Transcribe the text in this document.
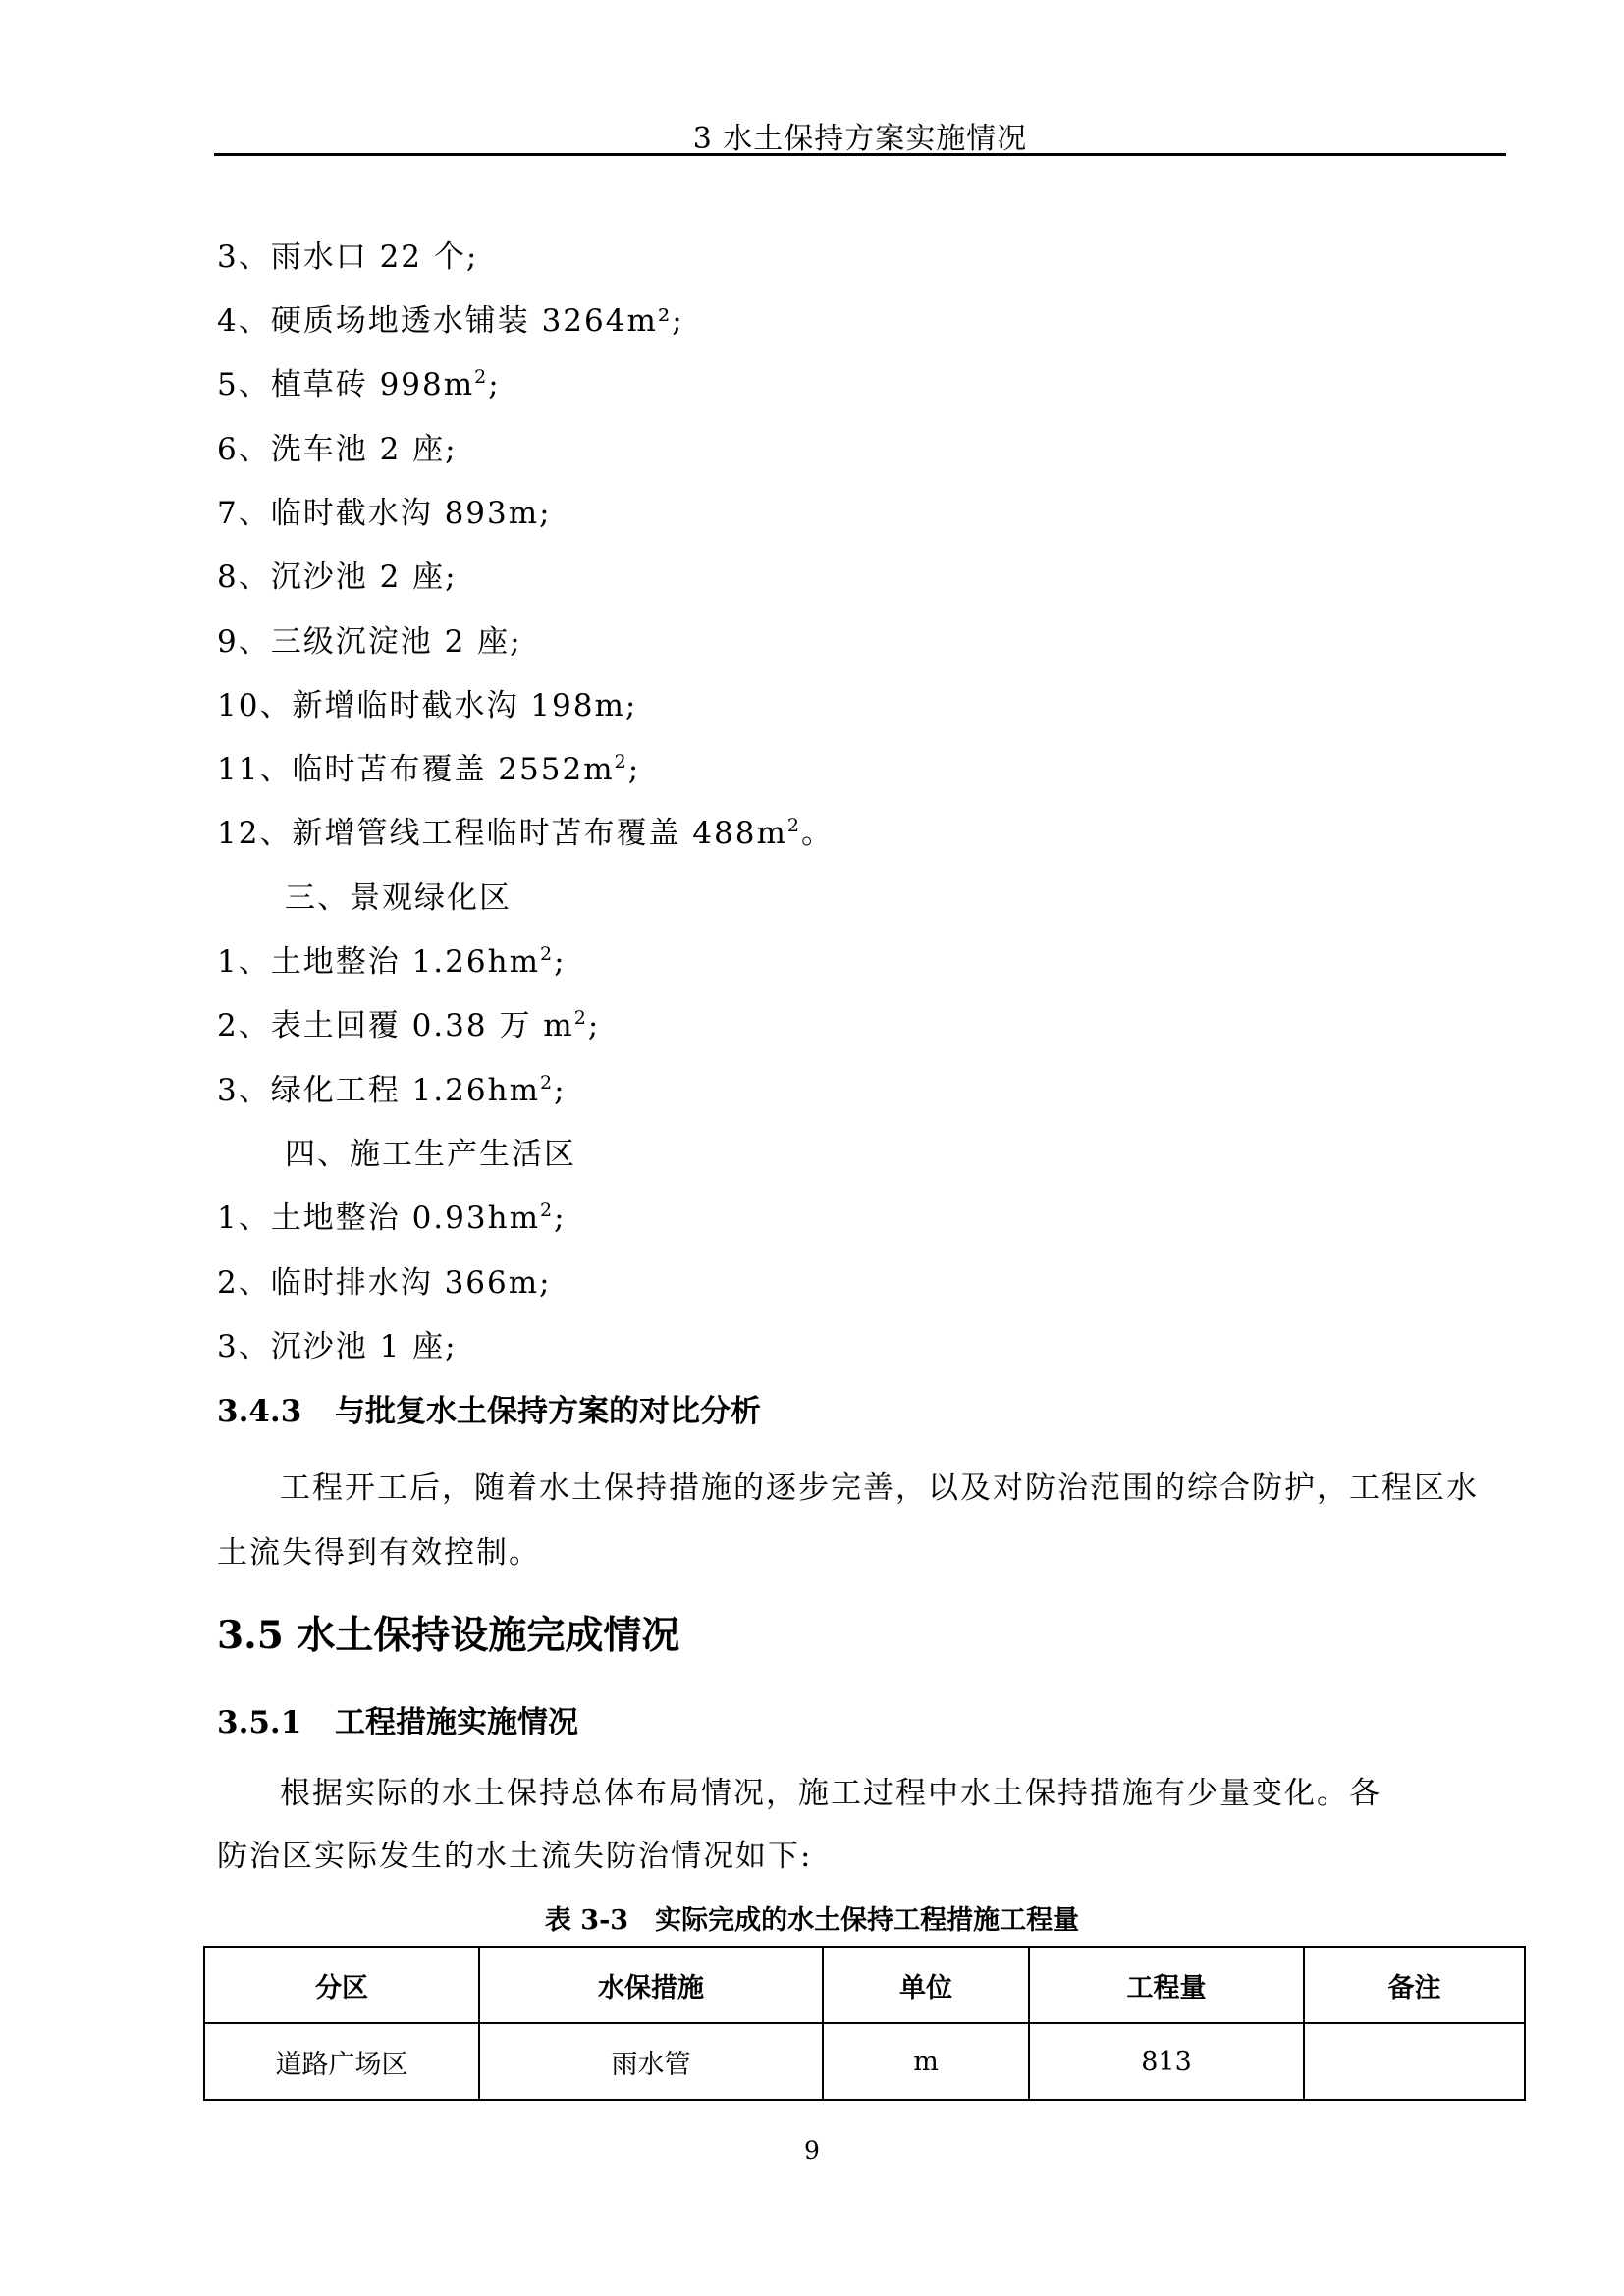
3 水土保持方案实施情况
3、雨水口 22 个;
4、硬质场地透水铺装 3264m²;
5、植草砖 $998m^2$;
6、洗车池 2 座;
7、临时截水沟 893m;
8、沉沙池 2 座;
9、三级沉淀池 2 座;
10、新增临时截水沟 198m;
11、临时苫布覆盖 $2552m^2$;
12、新增管线工程临时苫布覆盖 $488m^2$。
三、景观绿化区
1、土地整治 $1.26hm^2$;
2、表土回覆 0.38 万 $m^2$;
3、绿化工程 $1.26hm^2$;
四、施工生产生活区
1、土地整治 $0.93hm^2$;
2、临时排水沟 366m;
3、沉沙池 1 座;
3.4.3 与批复水土保持方案的对比分析
工程开工后，随着水土保持措施的逐步完善，以及对防治范围的综合防护，工程区水
土流失得到有效控制。
3.5 水土保持设施完成情况
3.5.1 工程措施实施情况
根据实际的水土保持总体布局情况，施工过程中水土保持措施有少量变化。各
防治区实际发生的水土流失防治情况如下:
表 3-3　实际完成的水土保持工程措施工程量
分区	水保措施	单位	工程量	备注
道路广场区	雨水管	m	813	
9
